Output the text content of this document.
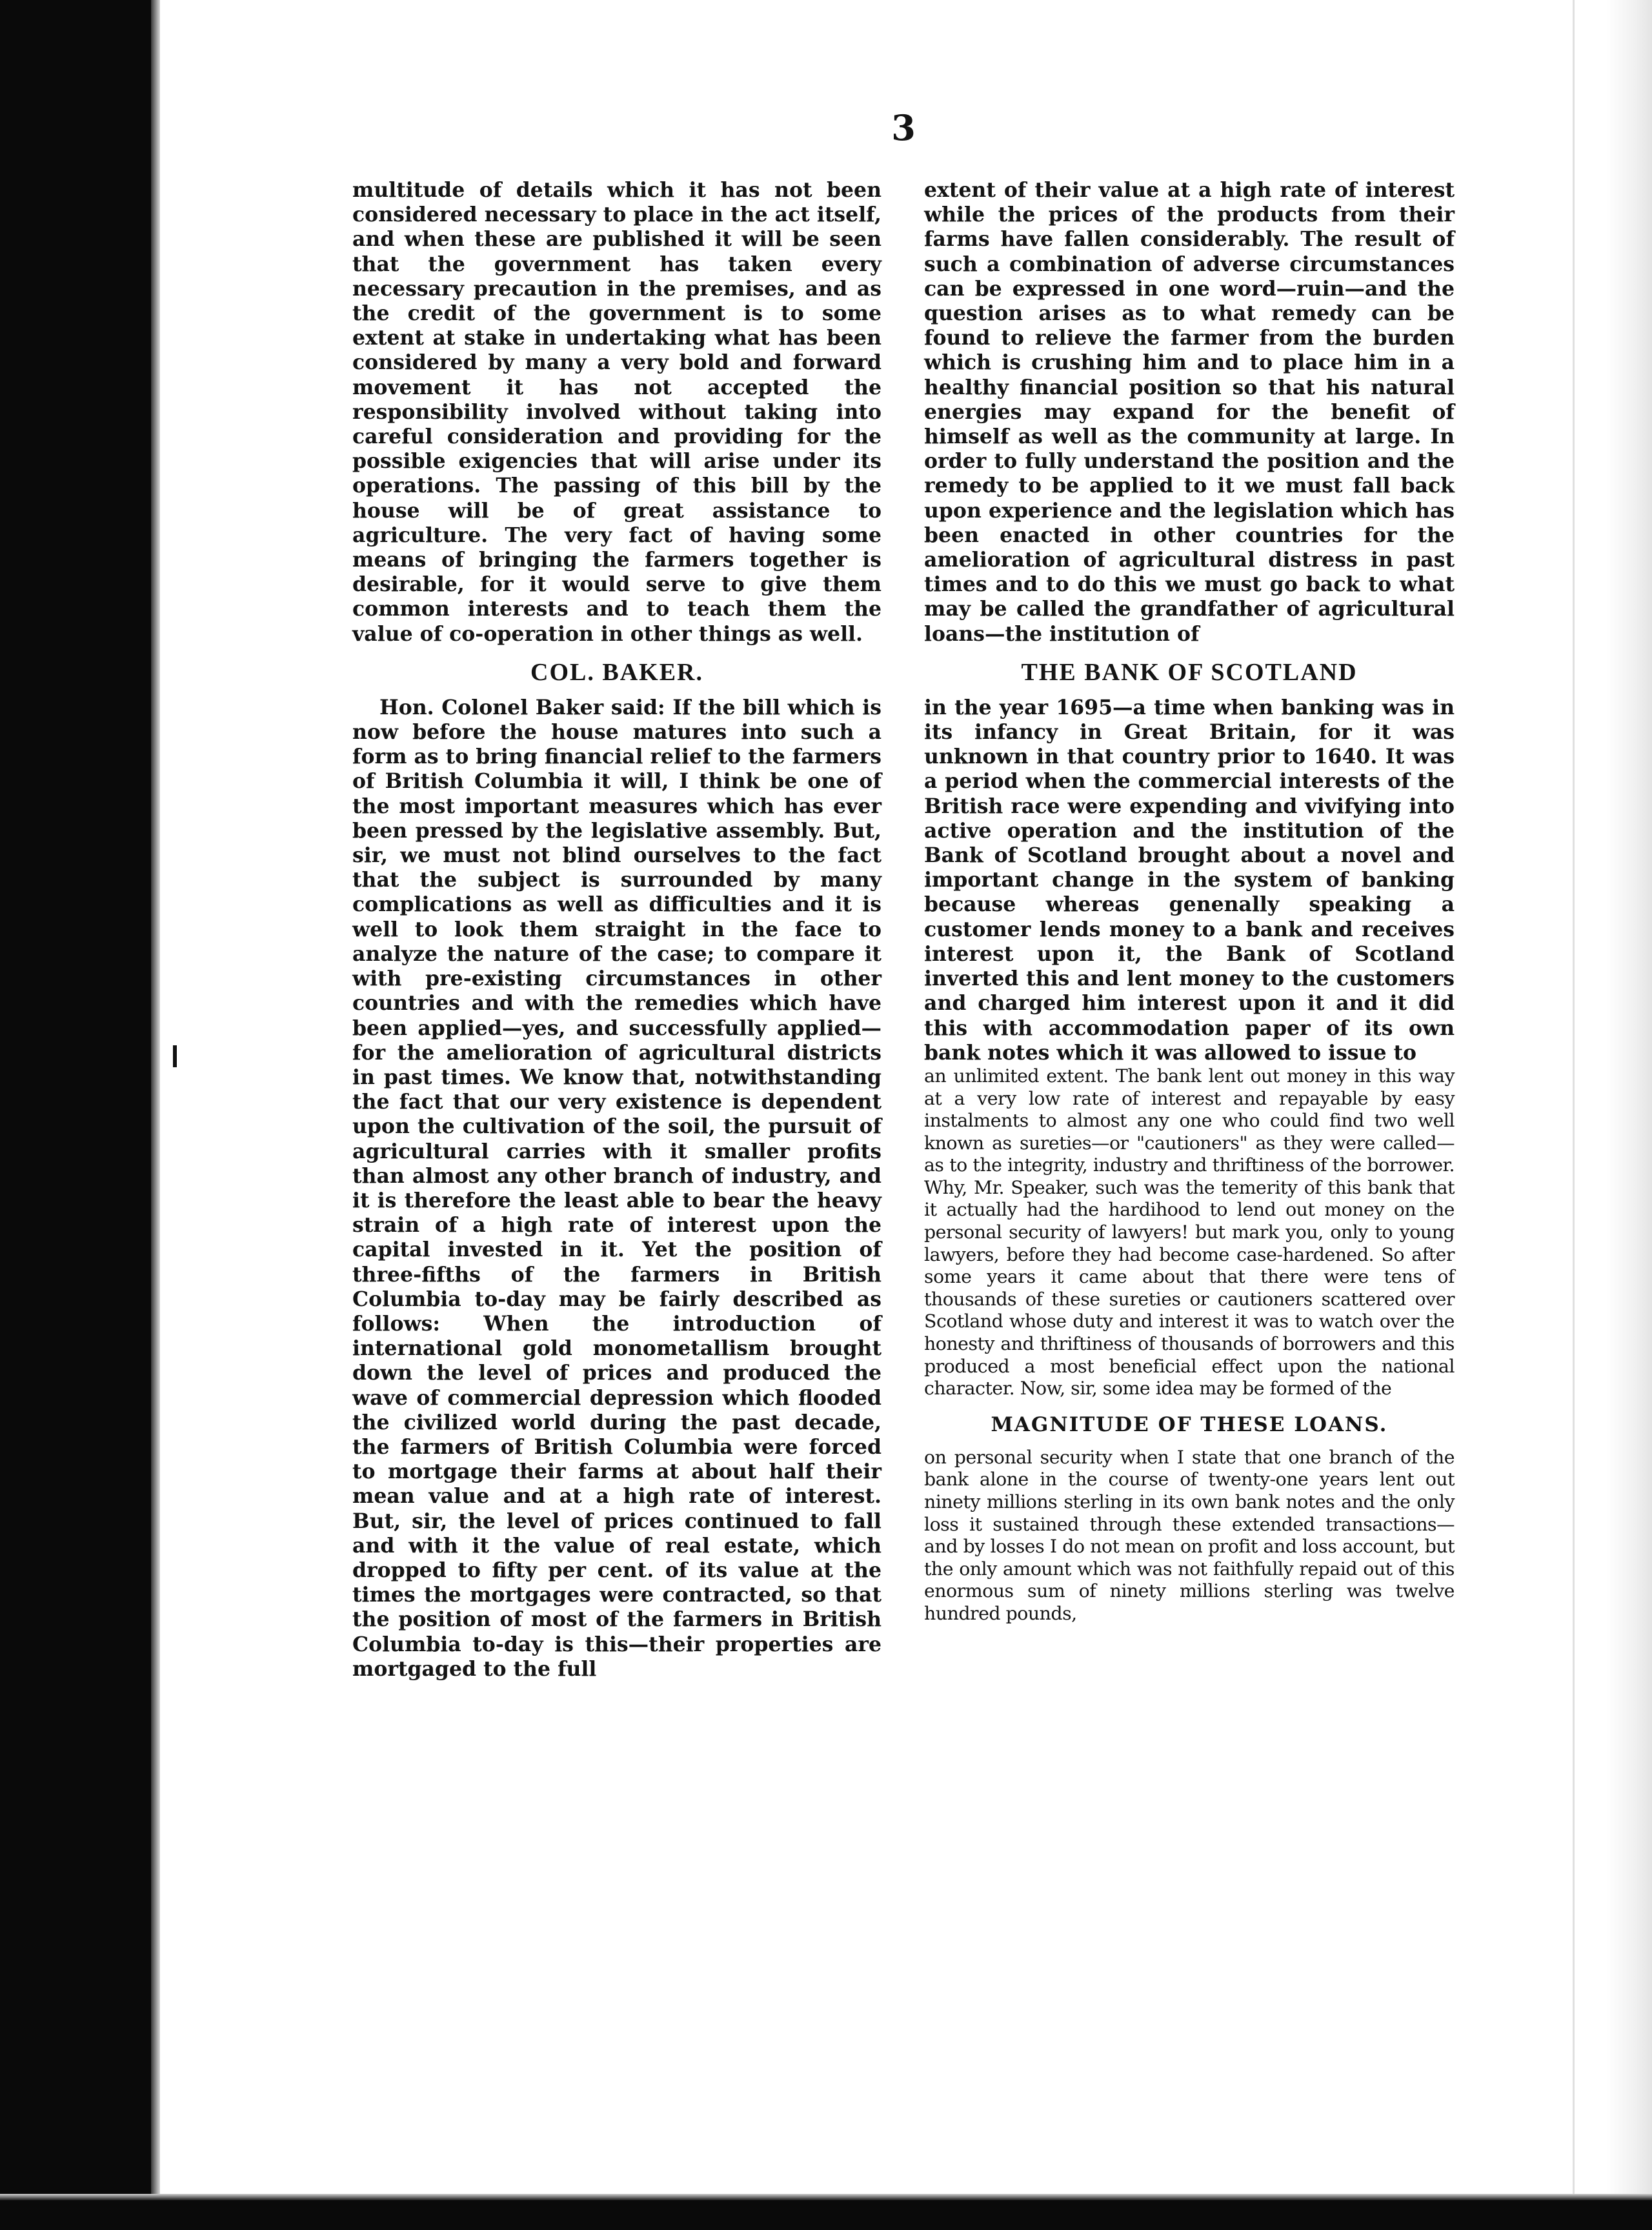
3

multitude of details which it has not been considered necessary to place in the act itself, and when these are published it will be seen that the government has taken every necessary precaution in the premises, and as the credit of the government is to some extent at stake in undertaking what has been considered by many a very bold and forward movement it has not accepted the responsibility involved without taking into careful consideration and providing for the possible exigencies that will arise under its operations. The passing of this bill by the house will be of great assistance to agriculture. The very fact of having some means of bringing the farmers together is desirable, for it would serve to give them common interests and to teach them the value of co-operation in other things as well.

COL. BAKER.

Hon. Colonel Baker said: If the bill which is now before the house matures into such a form as to bring financial relief to the farmers of British Columbia it will, I think be one of the most important measures which has ever been pressed by the legislative assembly. But, sir, we must not blind ourselves to the fact that the subject is surrounded by many complications as well as difficulties and it is well to look them straight in the face to analyze the nature of the case; to compare it with pre-existing circumstances in other countries and with the remedies which have been applied—yes, and successfully applied—for the amelioration of agricultural districts in past times. We know that, notwithstanding the fact that our very existence is dependent upon the cultivation of the soil, the pursuit of agricultural carries with it smaller profits than almost any other branch of industry, and it is therefore the least able to bear the heavy strain of a high rate of interest upon the capital invested in it. Yet the position of three-fifths of the farmers in British Columbia to-day may be fairly described as follows: When the introduction of international gold monometallism brought down the level of prices and produced the wave of commercial depression which flooded the civilized world during the past decade, the farmers of British Columbia were forced to mortgage their farms at about half their mean value and at a high rate of interest. But, sir, the level of prices continued to fall and with it the value of real estate, which dropped to fifty per cent. of its value at the times the mortgages were contracted, so that the position of most of the farmers in British Columbia to-day is this—their properties are mortgaged to the full

extent of their value at a high rate of interest while the prices of the products from their farms have fallen considerably. The result of such a combination of adverse circumstances can be expressed in one word—ruin—and the question arises as to what remedy can be found to relieve the farmer from the burden which is crushing him and to place him in a healthy financial position so that his natural energies may expand for the benefit of himself as well as the community at large. In order to fully understand the position and the remedy to be applied to it we must fall back upon experience and the legislation which has been enacted in other countries for the amelioration of agricultural distress in past times and to do this we must go back to what may be called the grandfather of agricultural loans—the institution of

THE BANK OF SCOTLAND

in the year 1695—a time when banking was in its infancy in Great Britain, for it was unknown in that country prior to 1640. It was a period when the commercial interests of the British race were expending and vivifying into active operation and the institution of the Bank of Scotland brought about a novel and important change in the system of banking because whereas genenally speaking a customer lends money to a bank and receives interest upon it, the Bank of Scotland inverted this and lent money to the customers and charged him interest upon it and it did this with accommodation paper of its own bank notes which it was allowed to issue to

an unlimited extent. The bank lent out money in this way at a very low rate of interest and repayable by easy instalments to almost any one who could find two well known as sureties—or "cautioners" as they were called—as to the integrity, industry and thriftiness of the borrower. Why, Mr. Speaker, such was the temerity of this bank that it actually had the hardihood to lend out money on the personal security of lawyers! but mark you, only to young lawyers, before they had become case-hardened. So after some years it came about that there were tens of thousands of these sureties or cautioners scattered over Scotland whose duty and interest it was to watch over the honesty and thriftiness of thousands of borrowers and this produced a most beneficial effect upon the national character. Now, sir, some idea may be formed of the

MAGNITUDE OF THESE LOANS.

on personal security when I state that one branch of the bank alone in the course of twenty-one years lent out ninety millions sterling in its own bank notes and the only loss it sustained through these extended transactions—and by losses I do not mean on profit and loss account, but the only amount which was not faithfully repaid out of this enormous sum of ninety millions sterling was twelve hundred pounds,
